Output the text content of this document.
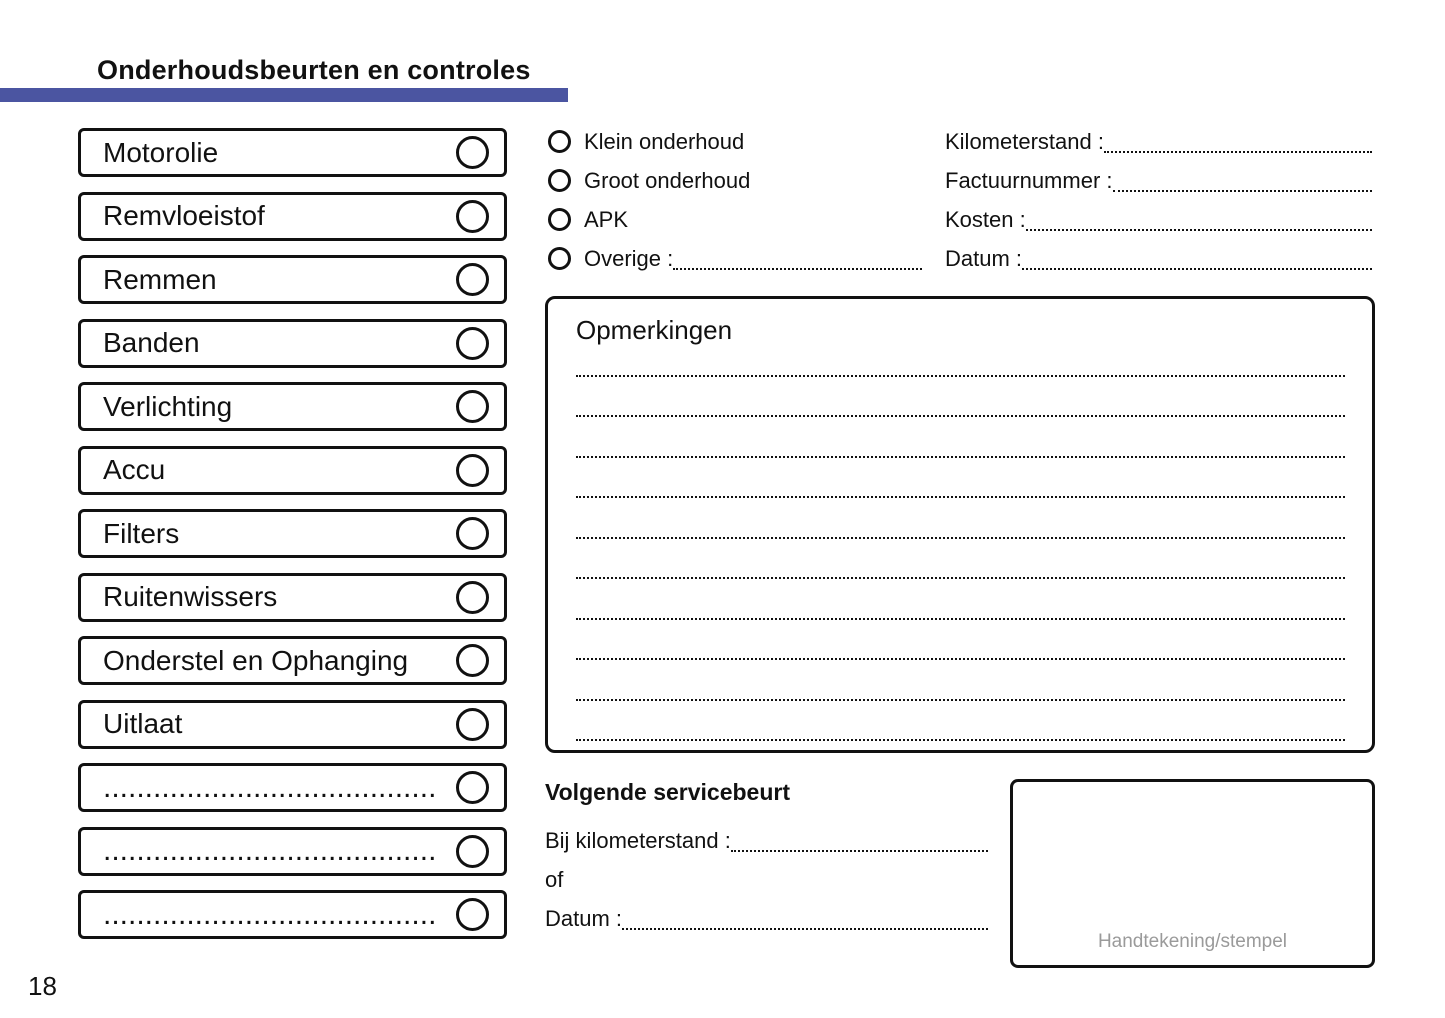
Onderhoudsbeurten en controles
Motorolie
Remvloeistof
Remmen
Banden
Verlichting
Accu
Filters
Ruitenwissers
Onderstel en Ophanging
Uitlaat
........................................
........................................
........................................
Klein onderhoud
Groot onderhoud
APK
Overige :
Kilometerstand :
Factuurnummer :
Kosten :
Datum :
Opmerkingen
Volgende servicebeurt
Bij kilometerstand :
of
Datum :
Handtekening/stempel
18
